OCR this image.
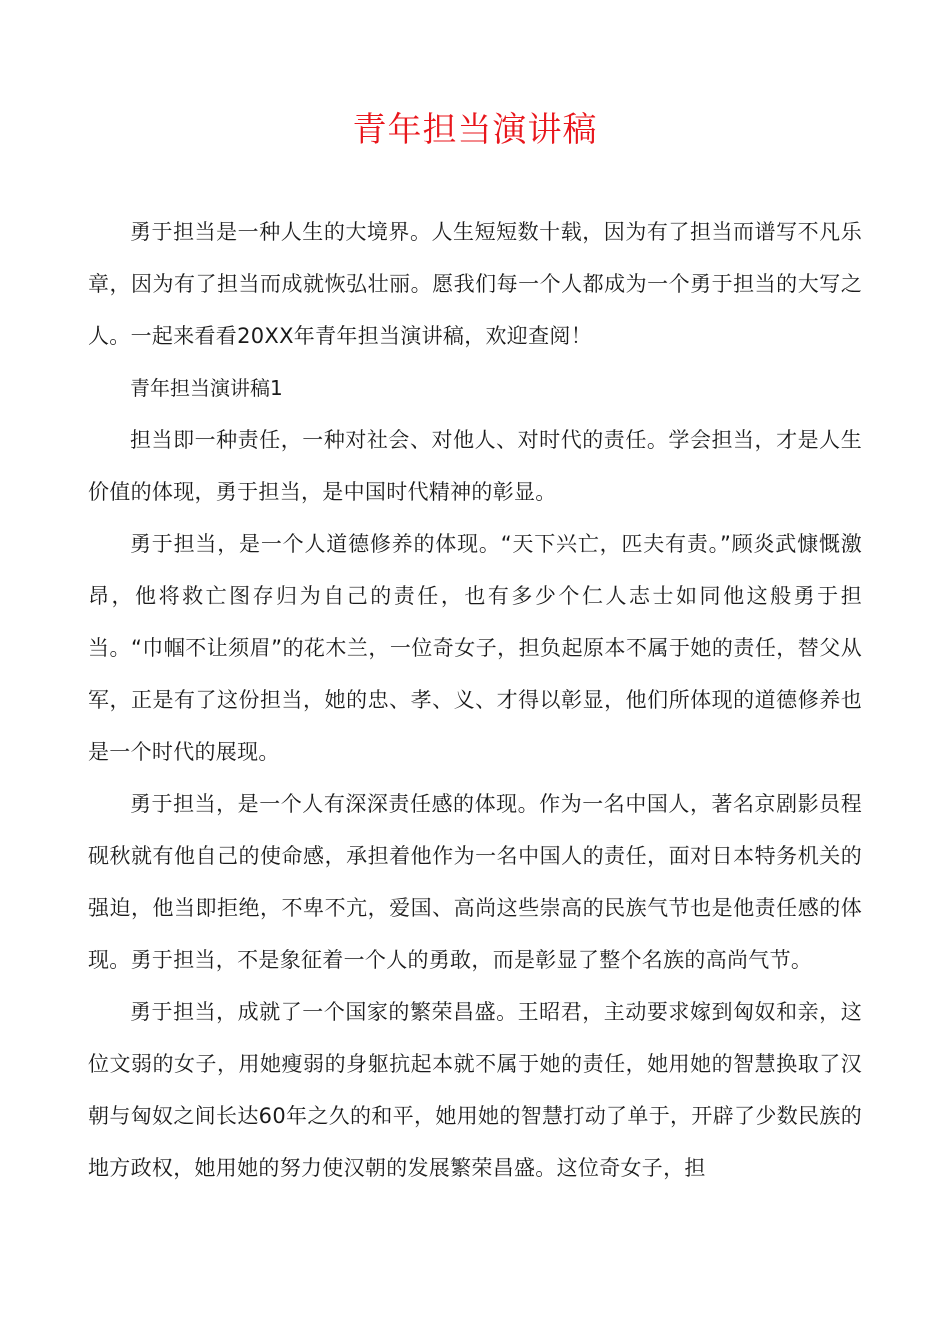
青年担当演讲稿

勇于担当是一种人生的大境界。人生短短数十载，因为有了担当而谱写不凡乐章，因为有了担当而成就恢弘壮丽。愿我们每一个人都成为一个勇于担当的大写之人。一起来看看20XX年青年担当演讲稿，欢迎查阅！

青年担当演讲稿1

担当即一种责任，一种对社会、对他人、对时代的责任。学会担当，才是人生价值的体现，勇于担当，是中国时代精神的彰显。

勇于担当，是一个人道德修养的体现。“天下兴亡，匹夫有责。”顾炎武慷慨激昂，他将救亡图存归为自己的责任，也有多少个仁人志士如同他这般勇于担当。“巾帼不让须眉”的花木兰，一位奇女子，担负起原本不属于她的责任，替父从军，正是有了这份担当，她的忠、孝、义、才得以彰显，他们所体现的道德修养也是一个时代的展现。

勇于担当，是一个人有深深责任感的体现。作为一名中国人，著名京剧影员程砚秋就有他自己的使命感，承担着他作为一名中国人的责任，面对日本特务机关的强迫，他当即拒绝，不卑不亢，爱国、高尚这些崇高的民族气节也是他责任感的体现。勇于担当，不是象征着一个人的勇敢，而是彰显了整个名族的高尚气节。

勇于担当，成就了一个国家的繁荣昌盛。王昭君，主动要求嫁到匈奴和亲，这位文弱的女子，用她瘦弱的身躯抗起本就不属于她的责任，她用她的智慧换取了汉朝与匈奴之间长达60年之久的和平，她用她的智慧打动了单于，开辟了少数民族的地方政权，她用她的努力使汉朝的发展繁荣昌盛。这位奇女子，担
